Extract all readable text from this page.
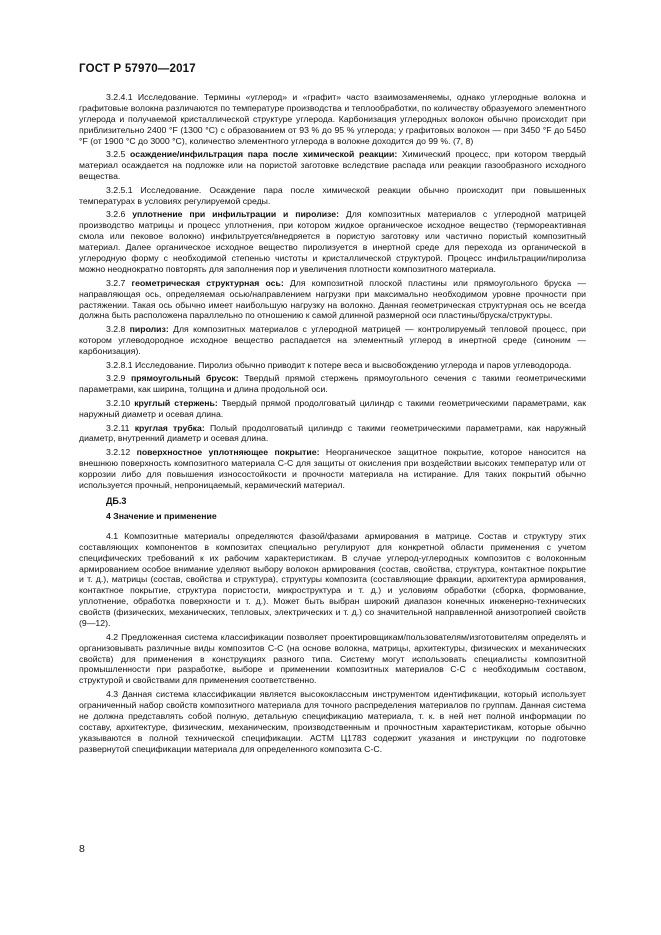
ГОСТ Р 57970—2017

3.2.4.1 Исследование. Термины «углерод» и «графит» часто взаимозаменяемы, однако углеродные волокна и графитовые волокна различаются по температуре производства и теплообработки, по количеству образуемого элементного углерода и получаемой кристаллической структуре углерода. Карбонизация углеродных волокон обычно происходит при приблизительно 2400 °F (1300 °С) с образованием от 93 % до 95 % углерода; у графитовых волокон — при 3450 °F до 5450 °F (от 1900 °С до 3000 °С), количество элементного углерода в волокне доходится до 99 %. (7, 8)

3.2.5 осаждение/инфильтрация пара после химической реакции: Химический процесс, при котором твердый материал осаждается на подложке или на пористой заготовке вследствие распада или реакции газообразного исходного вещества.

3.2.5.1 Исследование. Осаждение пара после химической реакции обычно происходит при повышенных температурах в условиях регулируемой среды.

3.2.6 уплотнение при инфильтрации и пиролизе: Для композитных материалов с углеродной матрицей производство матрицы и процесс уплотнения, при котором жидкое органическое исходное вещество (термореактивная смола или пековое волокно) инфильтруется/внедряется в пористую заготовку или частично пористый композитный материал. Далее органическое исходное вещество пиролизуется в инертной среде для перехода из органической в углеродную форму с необходимой степенью чистоты и кристаллической структурой. Процесс инфильтрации/пиролиза можно неоднократно повторять для заполнения пор и увеличения плотности композитного материала.

3.2.7 геометрическая структурная ось: Для композитной плоской пластины или прямоугольного бруска — направляющая ось, определяемая осью/направлением нагрузки при максимально необходимом уровне прочности при растяжении. Такая ось обычно имеет наибольшую нагрузку на волокно. Данная геометрическая структурная ось не всегда должна быть расположена параллельно по отношению к самой длинной размерной оси пластины/бруска/структуры.

3.2.8 пиролиз: Для композитных материалов с углеродной матрицей — контролируемый тепловой процесс, при котором углеводородное исходное вещество распадается на элементный углерод в инертной среде (синоним — карбонизация).

3.2.8.1 Исследование. Пиролиз обычно приводит к потере веса и высвобождению углерода и паров углеводорода.

3.2.9 прямоугольный брусок: Твердый прямой стержень прямоугольного сечения с такими геометрическими параметрами, как ширина, толщина и длина продольной оси.

3.2.10 круглый стержень: Твердый прямой продолговатый цилиндр с такими геометрическими параметрами, как наружный диаметр и осевая длина.

3.2.11 круглая трубка: Полый продолговатый цилиндр с такими геометрическими параметрами, как наружный диаметр, внутренний диаметр и осевая длина.

3.2.12 поверхностное уплотняющее покрытие: Неорганическое защитное покрытие, которое наносится на внешнюю поверхность композитного материала С-С для защиты от окисления при воздействии высоких температур или от коррозии либо для повышения износостойкости и прочности материала на истирание. Для таких покрытий обычно используется прочный, непроницаемый, керамический материал.

ДБ.3
4 Значение и применение

4.1 Композитные материалы определяются фазой/фазами армирования в матрице. Состав и структуру этих составляющих компонентов в композитах специально регулируют для конкретной области применения с учетом специфических требований к их рабочим характеристикам. В случае углерод-углеродных композитов с волоконным армированием особое внимание уделяют выбору волокон армирования (состав, свойства, структура, контактное покрытие и т. д.), матрицы (состав, свойства и структура), структуры композита (составляющие фракции, архитектура армирования, контактное покрытие, структура пористости, микроструктура и т. д.) и условиям обработки (сборка, формование, уплотнение, обработка поверхности и т. д.). Может быть выбран широкий диапазон конечных инженерно-технических свойств (физических, механических, тепловых, электрических и т. д.) со значительной направленной анизотропией свойств (9—12).

4.2 Предложенная система классификации позволяет проектировщикам/пользователям/изготовителям определять и организовывать различные виды композитов С-С (на основе волокна, матрицы, архитектуры, физических и механических свойств) для применения в конструкциях разного типа. Систему могут использовать специалисты композитной промышленности при разработке, выборе и применении композитных материалов С-С с необходимым составом, структурой и свойствами для применения соответственно.

4.3 Данная система классификации является высококлассным инструментом идентификации, который использует ограниченный набор свойств композитного материала для точного распределения материалов по группам. Данная система не должна представлять собой полную, детальную спецификацию материала, т. к. в ней нет полной информации по составу, архитектуре, физическим, механическим, производственным и прочностным характеристикам, которые обычно указываются в полной технической спецификации. АСТМ Ц1783 содержит указания и инструкции по подготовке развернутой спецификации материала для определенного композита С-С.

8
